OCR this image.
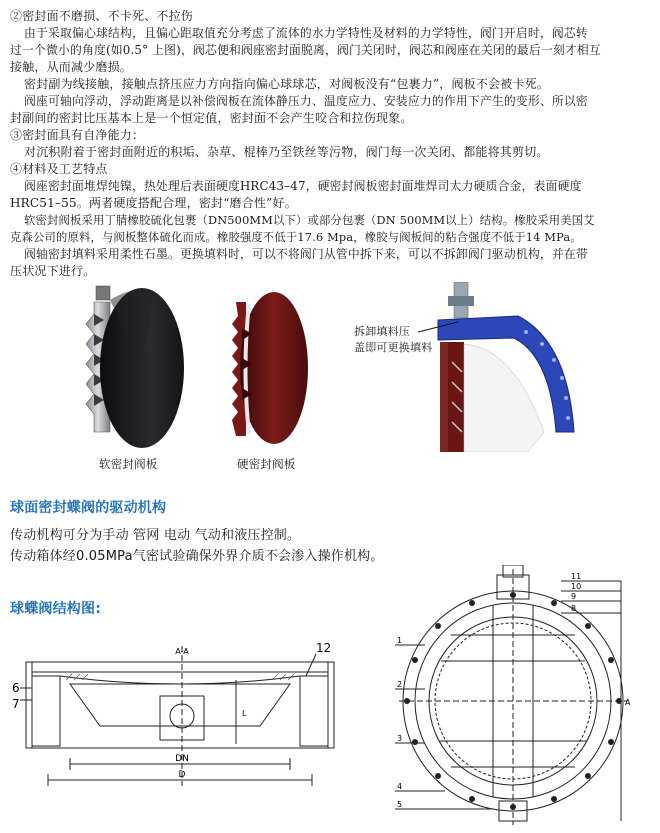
②密封面不磨损、不卡死、不拉伤
由于采取偏心球结构，且偏心距取值充分考虑了流体的水力学特性及材料的力学特性，阀门开启时，阀芯转
过一个微小的角度(如0.5° 上图)，阀芯便和阀座密封面脱离，阀门关闭时，阀芯和阀座在关闭的最后一刻才相互
接触，从而减少磨损。
密封副为线接触，接触点挤压应力方向指向偏心球球芯，对阀板没有“包裹力”，阀板不会被卡死。
阀座可轴向浮动，浮动距离是以补偿阀板在流体静压力、温度应力、安装应力的作用下产生的变形、所以密
封副间的密封比压基本上是一个恒定值，密封面不会产生咬合和拉伤现象。
③密封面具有自净能力：
对沉积附着于密封面附近的积垢、杂草、棍棒乃至铁丝等污物，阀门每一次关闭、都能将其剪切。
④材料及工艺特点
阀座密封面堆焊纯镍，热处理后表面硬度HRC43–47，硬密封阀板密封面堆焊司太力硬质合金，表面硬度
HRC51–55。两者硬度搭配合理，密封“磨合性”好。
软密封阀板采用丁腈橡胶硫化包裹（DN500MM以下）或部分包裹（DN 500MM以上）结构。橡胶采用美国艾
克森公司的原料，与阀板整体硫化而成。橡胶强度不低于17.6 Mpa，橡胶与阀板间的粘合强度不低于14 MPa。
阀轴密封填料采用柔性石墨。更换填料时，可以不将阀门从管中拆下来，可以不拆卸阀门驱动机构，并在带
压状况下进行。
软密封阀板	硬密封阀板
拆卸填料压
盖即可更换填料
球面密封蝶阀的驱动机构
传动机构可分为手动 管网 电动 气动和液压控制。
传动箱体经0.05MPa气密试验确保外界介质不会渗入操作机构。
球蝶阀结构图:
A-A	12
6
7
DN
D
L
11
10
9
8
1
2
3
4
5
A
